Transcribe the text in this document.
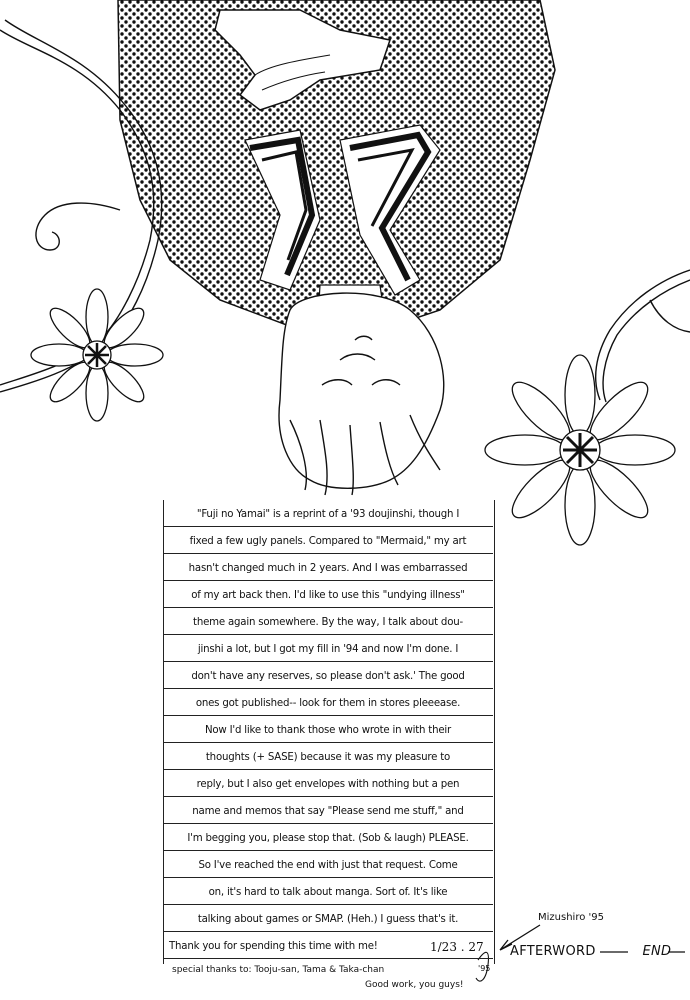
"Fuji no Yamai" is a reprint of a '93 doujinshi, though I
fixed a few ugly panels. Compared to "Mermaid," my art
hasn't changed much in 2 years. And I was embarrassed
of my art back then. I'd like to use this "undying illness"
theme again somewhere. By the way, I talk about dou-
jinshi a lot, but I got my fill in '94 and now I'm done. I
don't have any reserves, so please don't ask.' The good
ones got published-- look for them in stores pleeease.
Now I'd like to thank those who wrote in with their
thoughts (+ SASE) because it was my pleasure to
reply, but I also get envelopes with nothing but a pen
name and memos that say "Please send me stuff," and
I'm begging you, please stop that. (Sob & laugh) PLEASE.
So I've reached the end with just that request. Come
on, it's hard to talk about manga. Sort of. It's like
talking about games or SMAP. (Heh.) I guess that's it.
Thank you for spending this time with me!	1/23 . 27
'95
special thanks to: Tooju-san, Tama & Taka-chan
Good work, you guys!
Mizushiro '95
AFTERWORD	END
